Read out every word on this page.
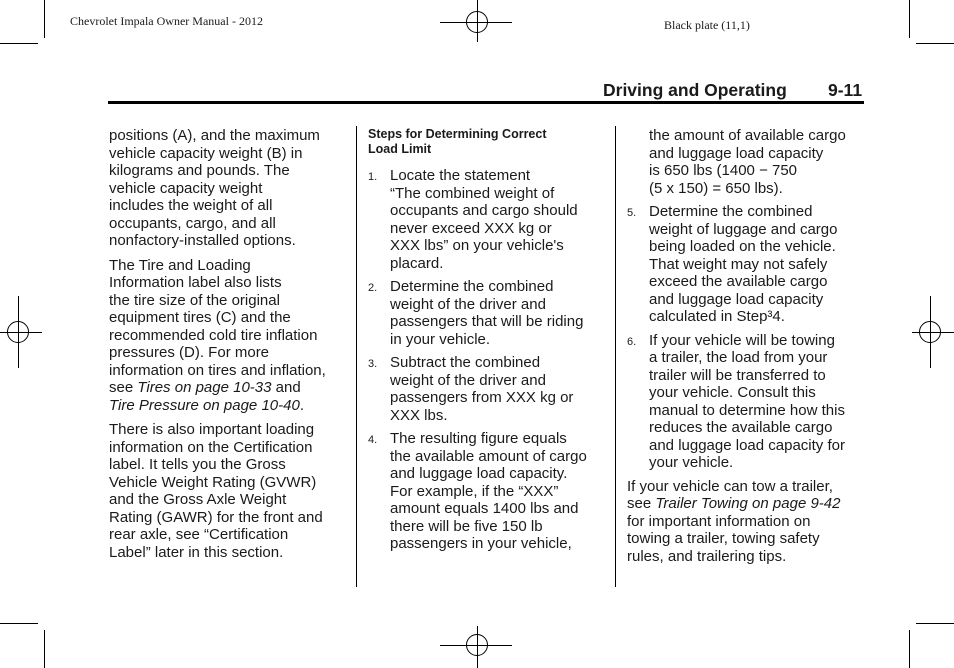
Chevrolet Impala Owner Manual - 2012	Black plate (11,1)
Driving and Operating 9-11

positions (A), and the maximum
vehicle capacity weight (B) in
kilograms and pounds. The
vehicle capacity weight
includes the weight of all
occupants, cargo, and all
nonfactory-installed options.

The Tire and Loading
Information label also lists
the tire size of the original
equipment tires (C) and the
recommended cold tire inflation
pressures (D). For more
information on tires and inflation,
see Tires on page 10-33 and
Tire Pressure on page 10-40.

There is also important loading
information on the Certification
label. It tells you the Gross
Vehicle Weight Rating (GVWR)
and the Gross Axle Weight
Rating (GAWR) for the front and
rear axle, see “Certification
Label” later in this section.

Steps for Determining Correct
Load Limit
1. Locate the statement
“The combined weight of
occupants and cargo should
never exceed XXX kg or
XXX lbs” on your vehicle's
placard.
2. Determine the combined
weight of the driver and
passengers that will be riding
in your vehicle.
3. Subtract the combined
weight of the driver and
passengers from XXX kg or
XXX lbs.
4. The resulting figure equals
the available amount of cargo
and luggage load capacity.
For example, if the “XXX”
amount equals 1400 lbs and
there will be five 150 lb
passengers in your vehicle,
the amount of available cargo
and luggage load capacity
is 650 lbs (1400 − 750
(5 x 150) = 650 lbs).
5. Determine the combined
weight of luggage and cargo
being loaded on the vehicle.
That weight may not safely
exceed the available cargo
and luggage load capacity
calculated in Step³4.
6. If your vehicle will be towing
a trailer, the load from your
trailer will be transferred to
your vehicle. Consult this
manual to determine how this
reduces the available cargo
and luggage load capacity for
your vehicle.

If your vehicle can tow a trailer,
see Trailer Towing on page 9-42
for important information on
towing a trailer, towing safety
rules, and trailering tips.
